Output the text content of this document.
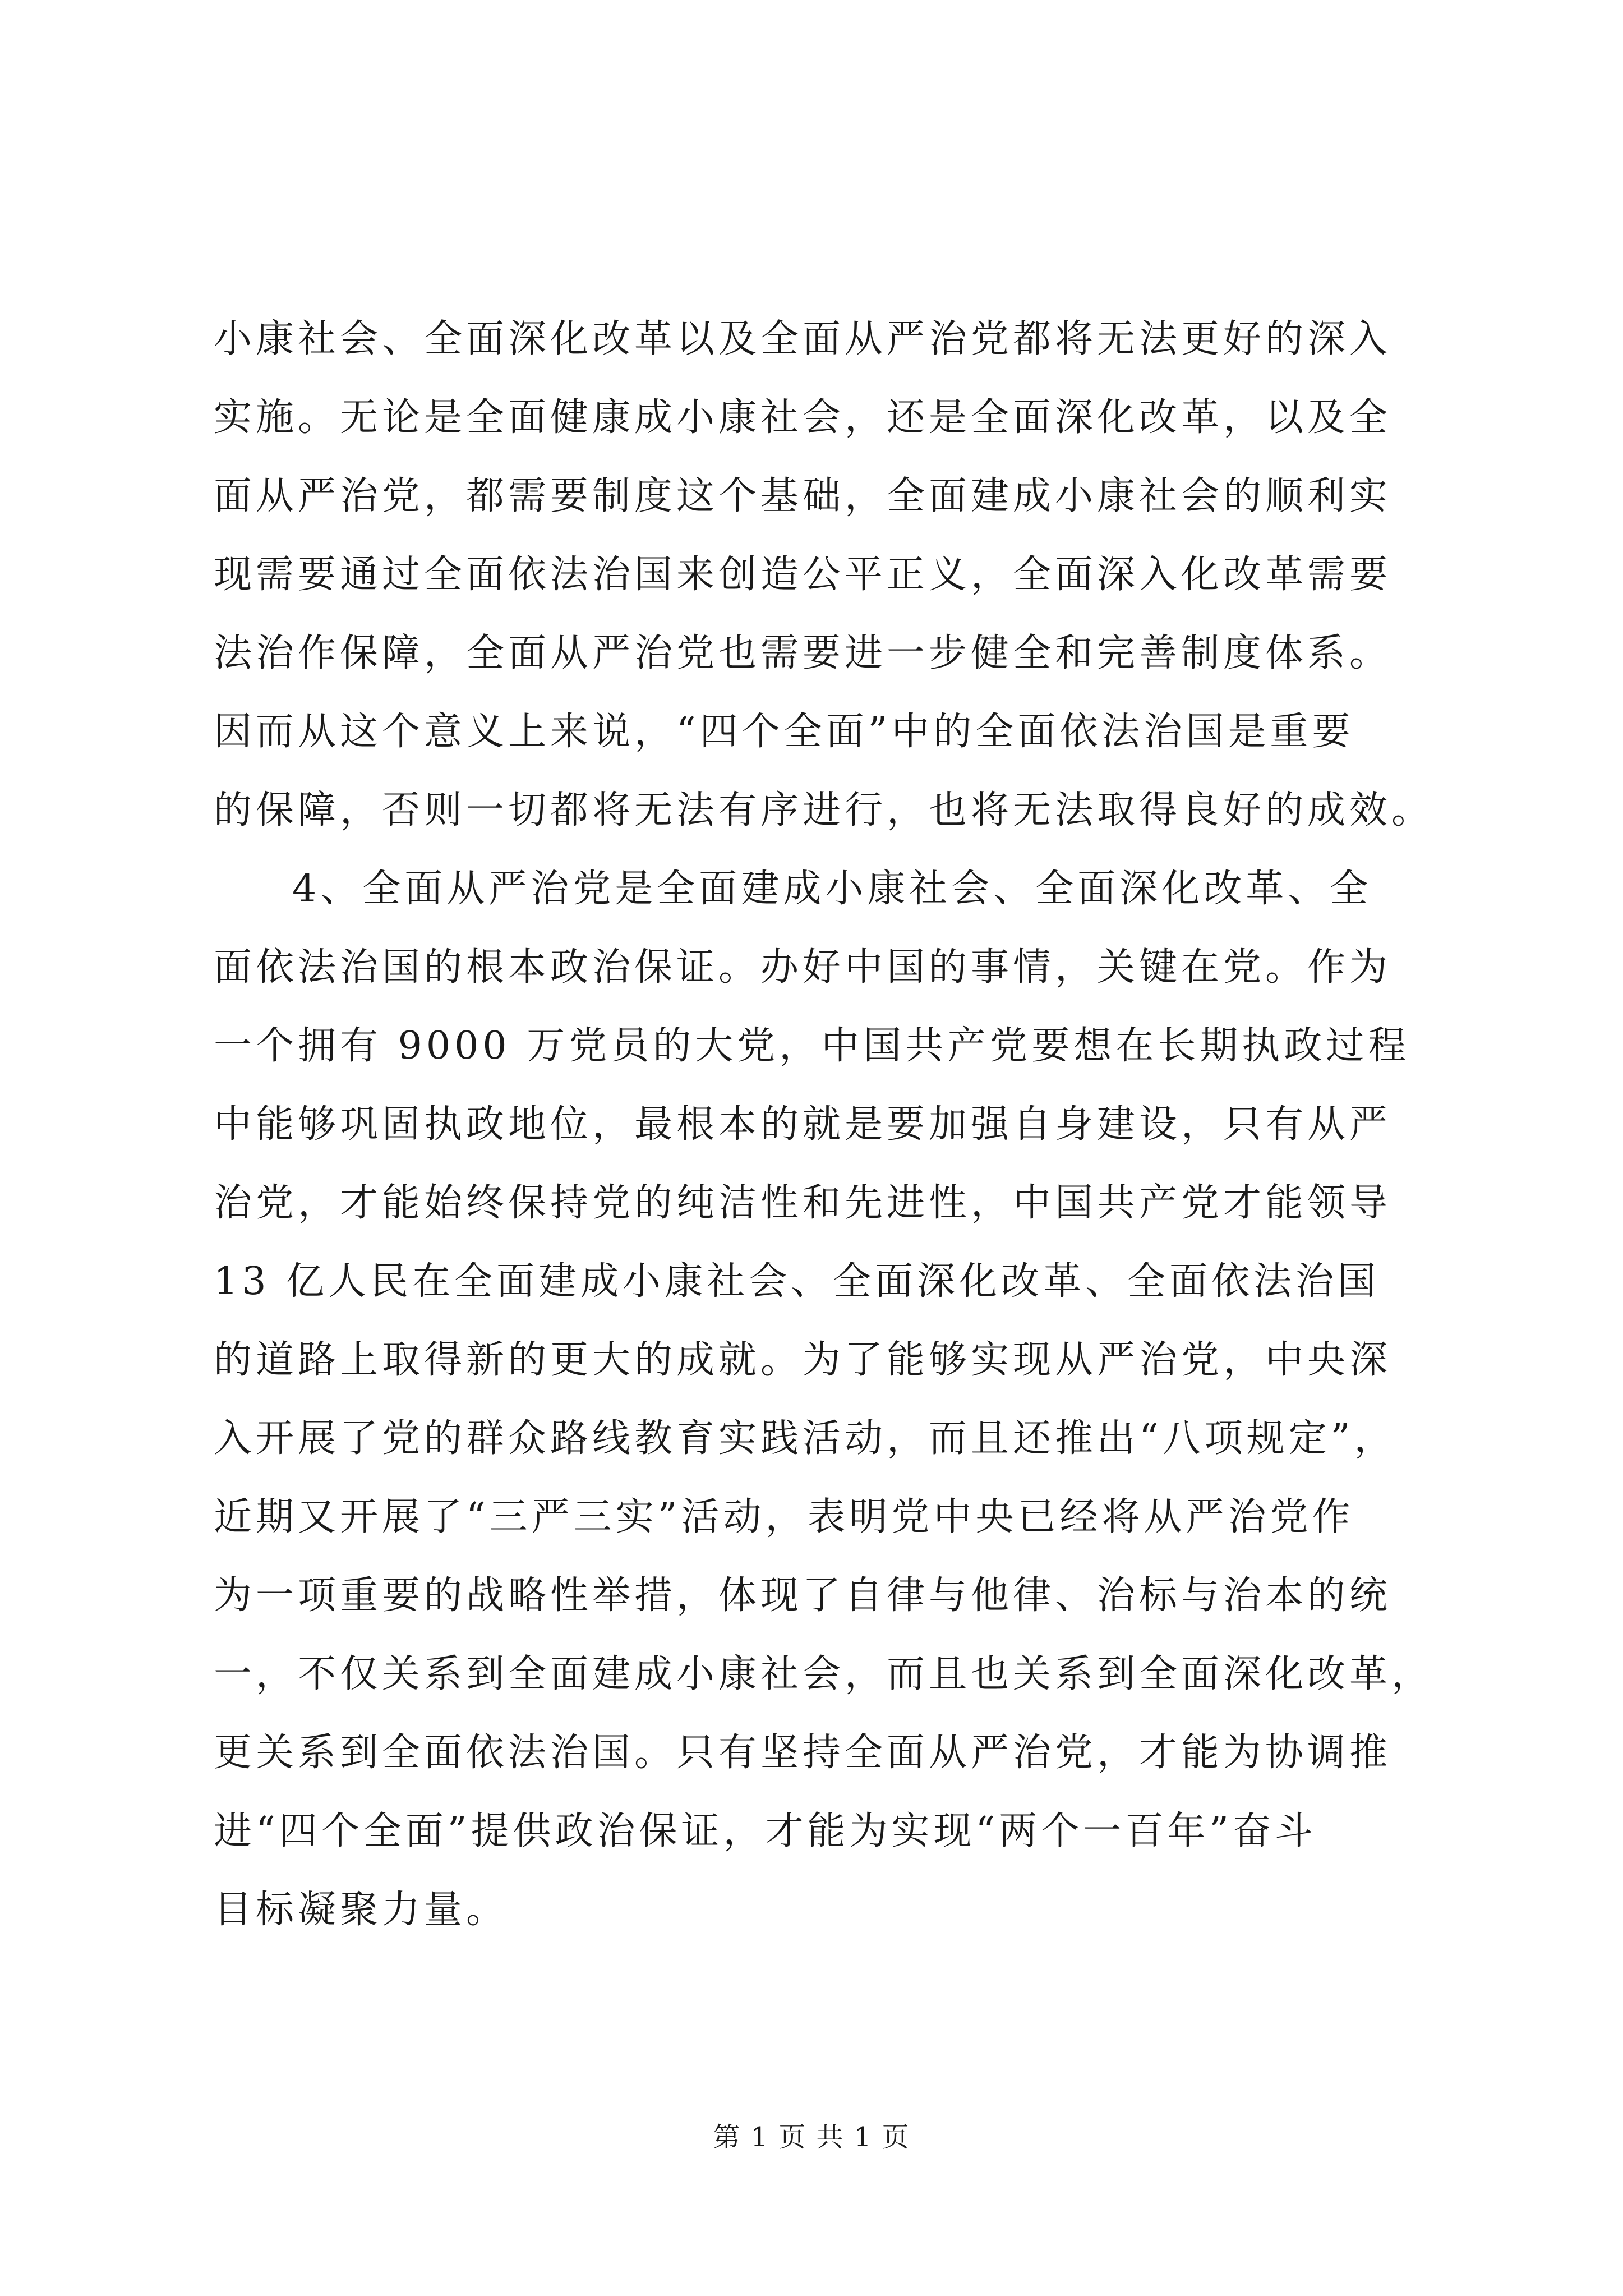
小康社会、全面深化改革以及全面从严治党都将无法更好的深入
实施。无论是全面健康成小康社会，还是全面深化改革，以及全
面从严治党，都需要制度这个基础，全面建成小康社会的顺利实
现需要通过全面依法治国来创造公平正义，全面深入化改革需要
法治作保障，全面从严治党也需要进一步健全和完善制度体系。
因而从这个意义上来说，“四个全面”中的全面依法治国是重要
的保障，否则一切都将无法有序进行，也将无法取得良好的成效。
4、全面从严治党是全面建成小康社会、全面深化改革、全
面依法治国的根本政治保证。办好中国的事情，关键在党。作为
一个拥有 9000 万党员的大党，中国共产党要想在长期执政过程
中能够巩固执政地位，最根本的就是要加强自身建设，只有从严
治党，才能始终保持党的纯洁性和先进性，中国共产党才能领导
13 亿人民在全面建成小康社会、全面深化改革、全面依法治国
的道路上取得新的更大的成就。为了能够实现从严治党，中央深
入开展了党的群众路线教育实践活动，而且还推出“八项规定”，
近期又开展了“三严三实”活动，表明党中央已经将从严治党作
为一项重要的战略性举措，体现了自律与他律、治标与治本的统
一，不仅关系到全面建成小康社会，而且也关系到全面深化改革，
更关系到全面依法治国。只有坚持全面从严治党，才能为协调推
进“四个全面”提供政治保证，才能为实现“两个一百年”奋斗
目标凝聚力量。
第 1 页 共 1 页
